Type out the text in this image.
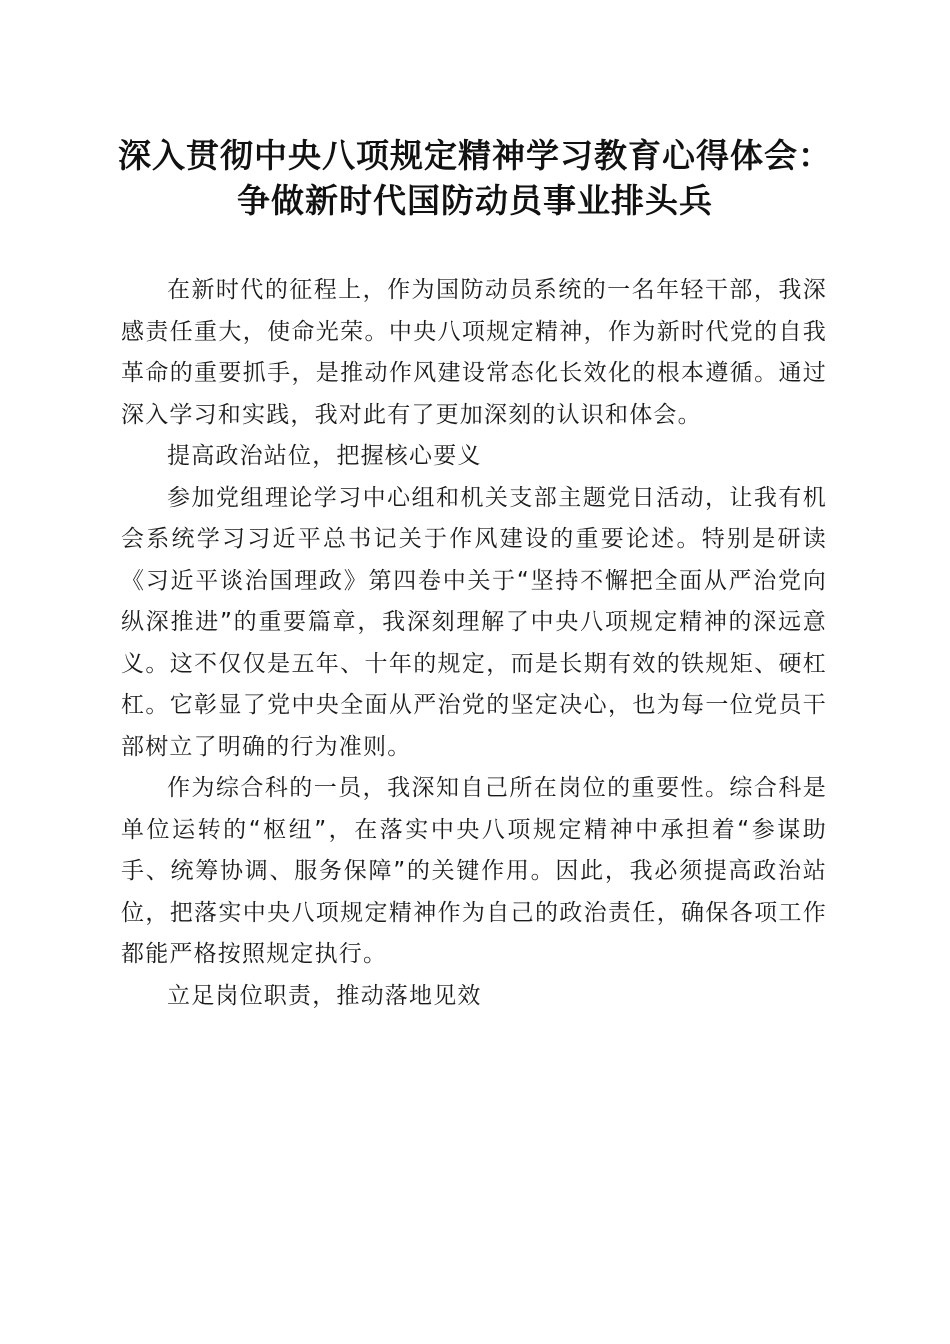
深入贯彻中央八项规定精神学习教育心得体会：
争做新时代国防动员事业排头兵

在新时代的征程上，作为国防动员系统的一名年轻干部，我深感责任重大，使命光荣。中央八项规定精神，作为新时代党的自我革命的重要抓手，是推动作风建设常态化长效化的根本遵循。通过深入学习和实践，我对此有了更加深刻的认识和体会。

提高政治站位，把握核心要义

参加党组理论学习中心组和机关支部主题党日活动，让我有机会系统学习习近平总书记关于作风建设的重要论述。特别是研读《习近平谈治国理政》第四卷中关于“坚持不懈把全面从严治党向纵深推进”的重要篇章，我深刻理解了中央八项规定精神的深远意义。这不仅仅是五年、十年的规定，而是长期有效的铁规矩、硬杠杠。它彰显了党中央全面从严治党的坚定决心，也为每一位党员干部树立了明确的行为准则。

作为综合科的一员，我深知自己所在岗位的重要性。综合科是单位运转的“枢纽”，在落实中央八项规定精神中承担着“参谋助手、统筹协调、服务保障”的关键作用。因此，我必须提高政治站位，把落实中央八项规定精神作为自己的政治责任，确保各项工作都能严格按照规定执行。

立足岗位职责，推动落地见效
